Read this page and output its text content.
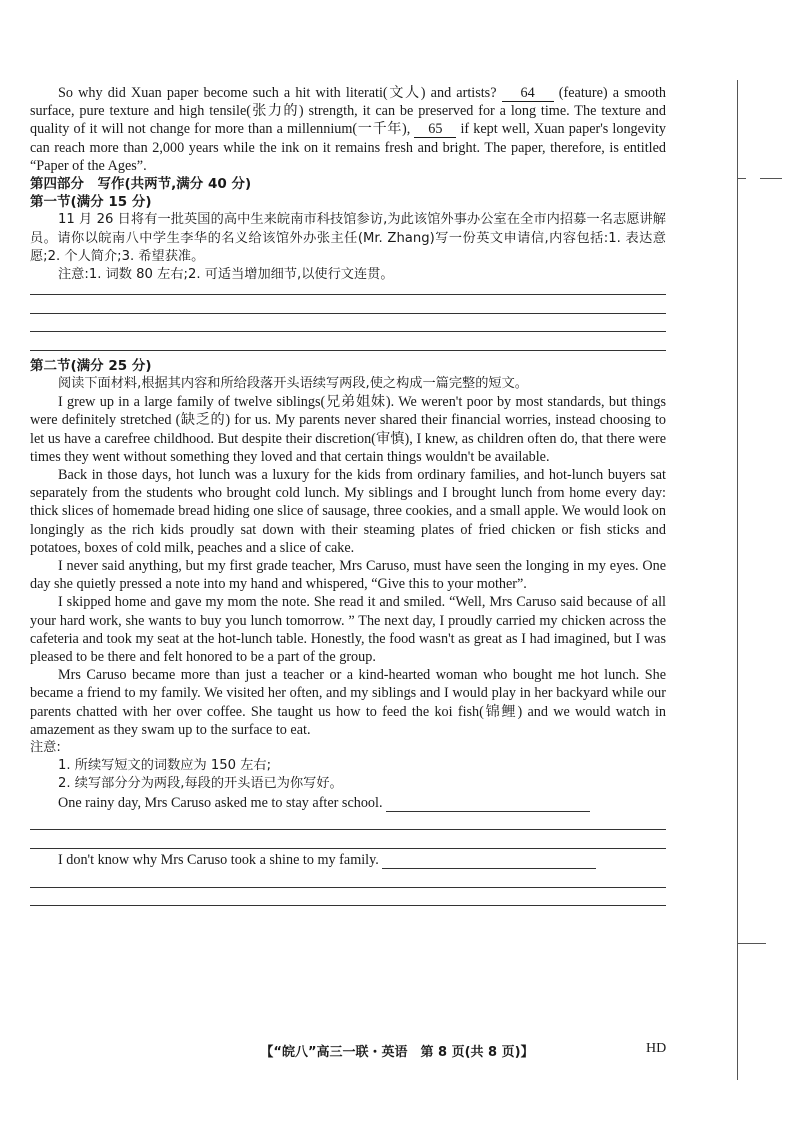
So why did Xuan paper become such a hit with literati(文人) and artists? 64 (feature) a smooth surface, pure texture and high tensile(张力的) strength, it can be preserved for a long time. The texture and quality of it will not change for more than a millennium(一千年), 65 if kept well, Xuan paper's longevity can reach more than 2,000 years while the ink on it remains fresh and bright. The paper, therefore, is entitled “Paper of the Ages”.

第四部分　写作(共两节,满分 40 分)

第一节(满分 15 分)

11 月 26 日将有一批英国的高中生来皖南市科技馆参访,为此该馆外事办公室在全市内招募一名志愿讲解员。请你以皖南八中学生李华的名义给该馆外办张主任(Mr. Zhang)写一份英文申请信,内容包括:1. 表达意愿;2. 个人简介;3. 希望获准。

注意:1. 词数 80 左右;2. 可适当增加细节,以使行文连贯。

第二节(满分 25 分)

阅读下面材料,根据其内容和所给段落开头语续写两段,使之构成一篇完整的短文。

I grew up in a large family of twelve siblings(兄弟姐妹). We weren't poor by most standards, but things were definitely stretched (缺乏的) for us. My parents never shared their financial worries, instead choosing to let us have a carefree childhood. But despite their discretion(审慎), I knew, as children often do, that there were times they went without something they loved and that certain things wouldn't be available.

Back in those days, hot lunch was a luxury for the kids from ordinary families, and hot-lunch buyers sat separately from the students who brought cold lunch. My siblings and I brought lunch from home every day: thick slices of homemade bread hiding one slice of sausage, three cookies, and a small apple. We would look on longingly as the rich kids proudly sat down with their steaming plates of fried chicken or fish sticks and potatoes, boxes of cold milk, peaches and a slice of cake.

I never said anything, but my first grade teacher, Mrs Caruso, must have seen the longing in my eyes. One day she quietly pressed a note into my hand and whispered, “Give this to your mother”.

I skipped home and gave my mom the note. She read it and smiled. “Well, Mrs Caruso said because of all your hard work, she wants to buy you lunch tomorrow. ” The next day, I proudly carried my chicken across the cafeteria and took my seat at the hot-lunch table. Honestly, the food wasn't as great as I had imagined, but I was pleased to be there and felt honored to be a part of the group.

Mrs Caruso became more than just a teacher or a kind-hearted woman who bought me hot lunch. She became a friend to my family. We visited her often, and my siblings and I would play in her backyard while our parents chatted with her over coffee. She taught us how to feed the koi fish(锦鲤) and we would watch in amazement as they swam up to the surface to eat.

注意:

1. 所续写短文的词数应为 150 左右;

2. 续写部分分为两段,每段的开头语已为你写好。

One rainy day, Mrs Caruso asked me to stay after school.

I don't know why Mrs Caruso took a shine to my family.

【“皖八”高三一联・英语　第 8 页(共 8 页)】	HD
